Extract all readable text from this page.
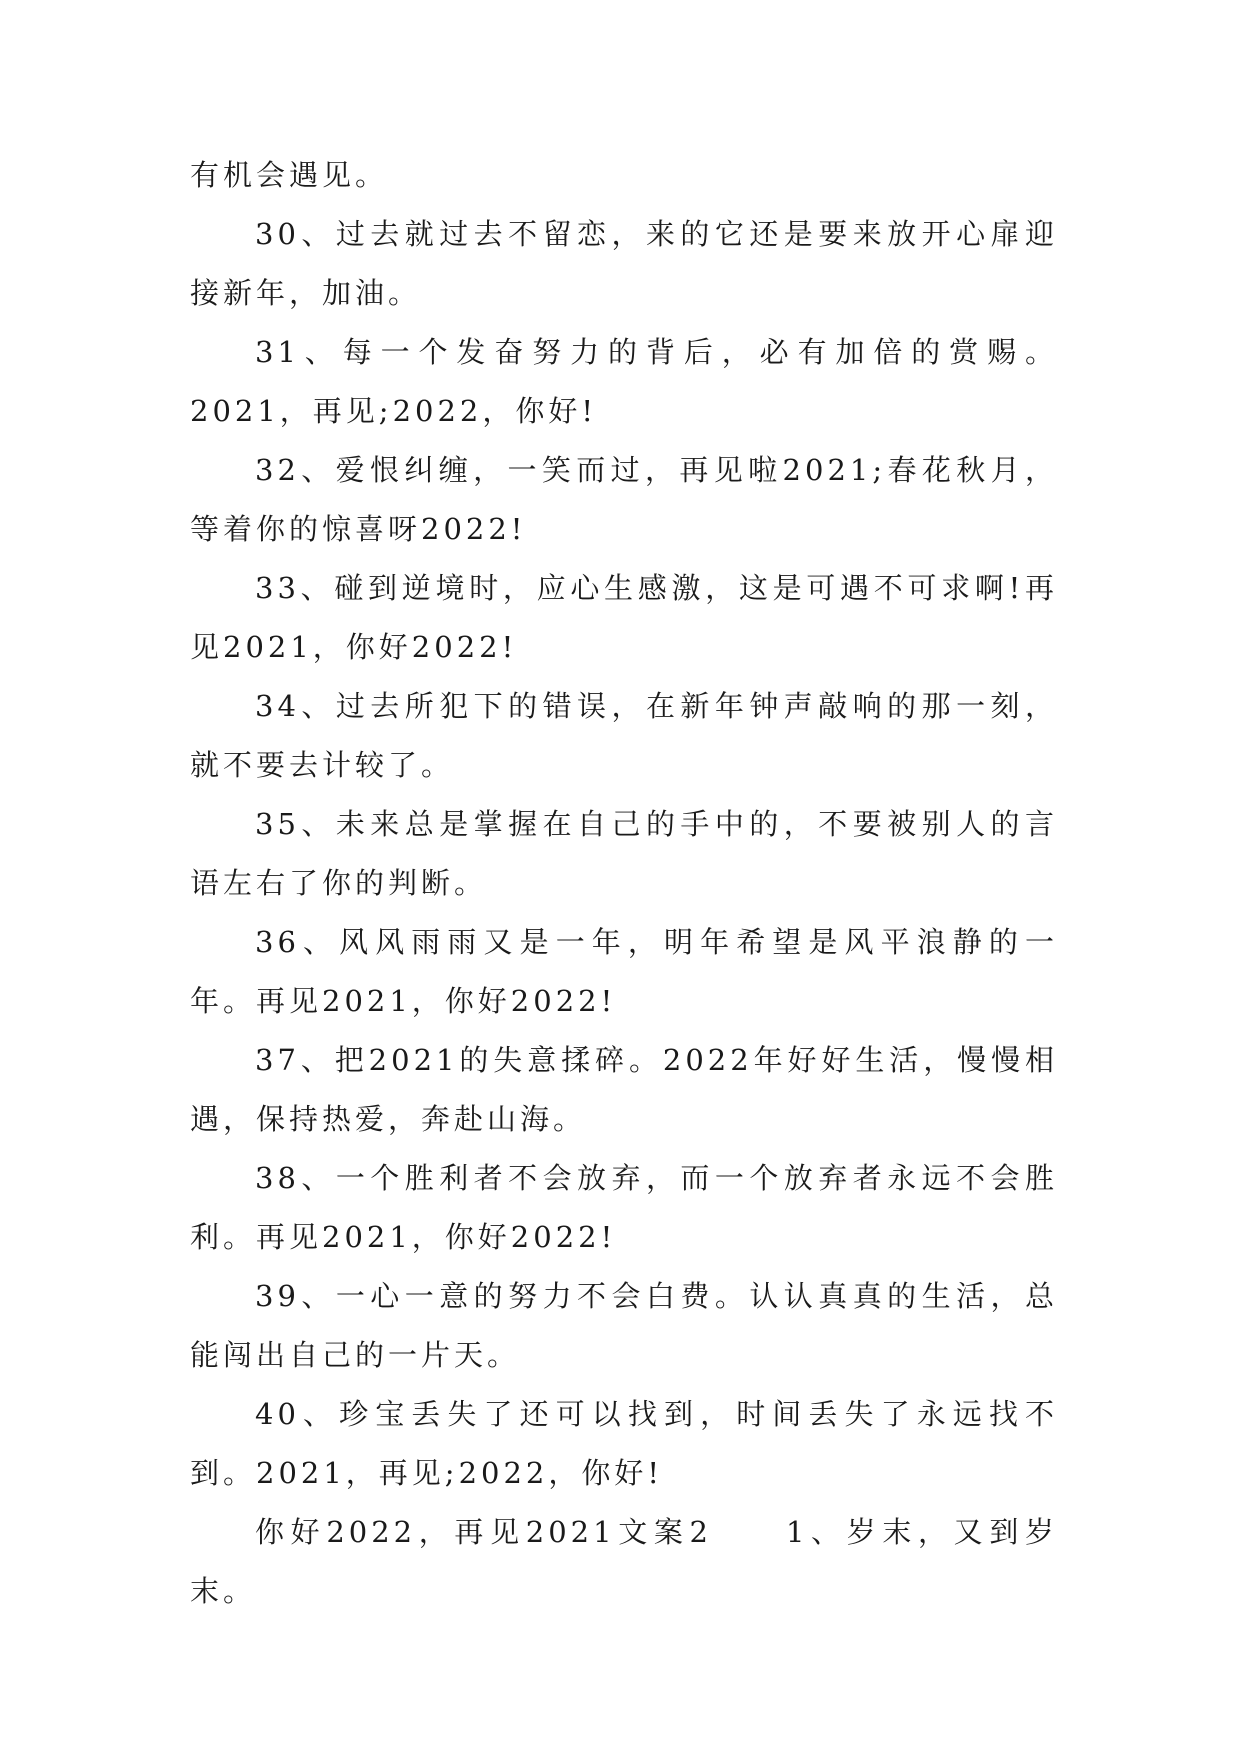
有机会遇见。

30、过去就过去不留恋，来的它还是要来放开心扉迎接新年，加油。

31、每一个发奋努力的背后，必有加倍的赏赐。2021，再见;2022，你好!

32、爱恨纠缠，一笑而过，再见啦2021;春花秋月，等着你的惊喜呀2022!

33、碰到逆境时，应心生感激，这是可遇不可求啊!再见2021，你好2022!

34、过去所犯下的错误，在新年钟声敲响的那一刻，就不要去计较了。

35、未来总是掌握在自己的手中的，不要被别人的言语左右了你的判断。

36、风风雨雨又是一年，明年希望是风平浪静的一年。再见2021，你好2022!

37、把2021的失意揉碎。2022年好好生活，慢慢相遇，保持热爱，奔赴山海。

38、一个胜利者不会放弃，而一个放弃者永远不会胜利。再见2021，你好2022!

39、一心一意的努力不会白费。认认真真的生活，总能闯出自己的一片天。

40、珍宝丢失了还可以找到，时间丢失了永远找不到。2021，再见;2022，你好!

你好2022，再见2021文案2　　1、岁末，又到岁末。
